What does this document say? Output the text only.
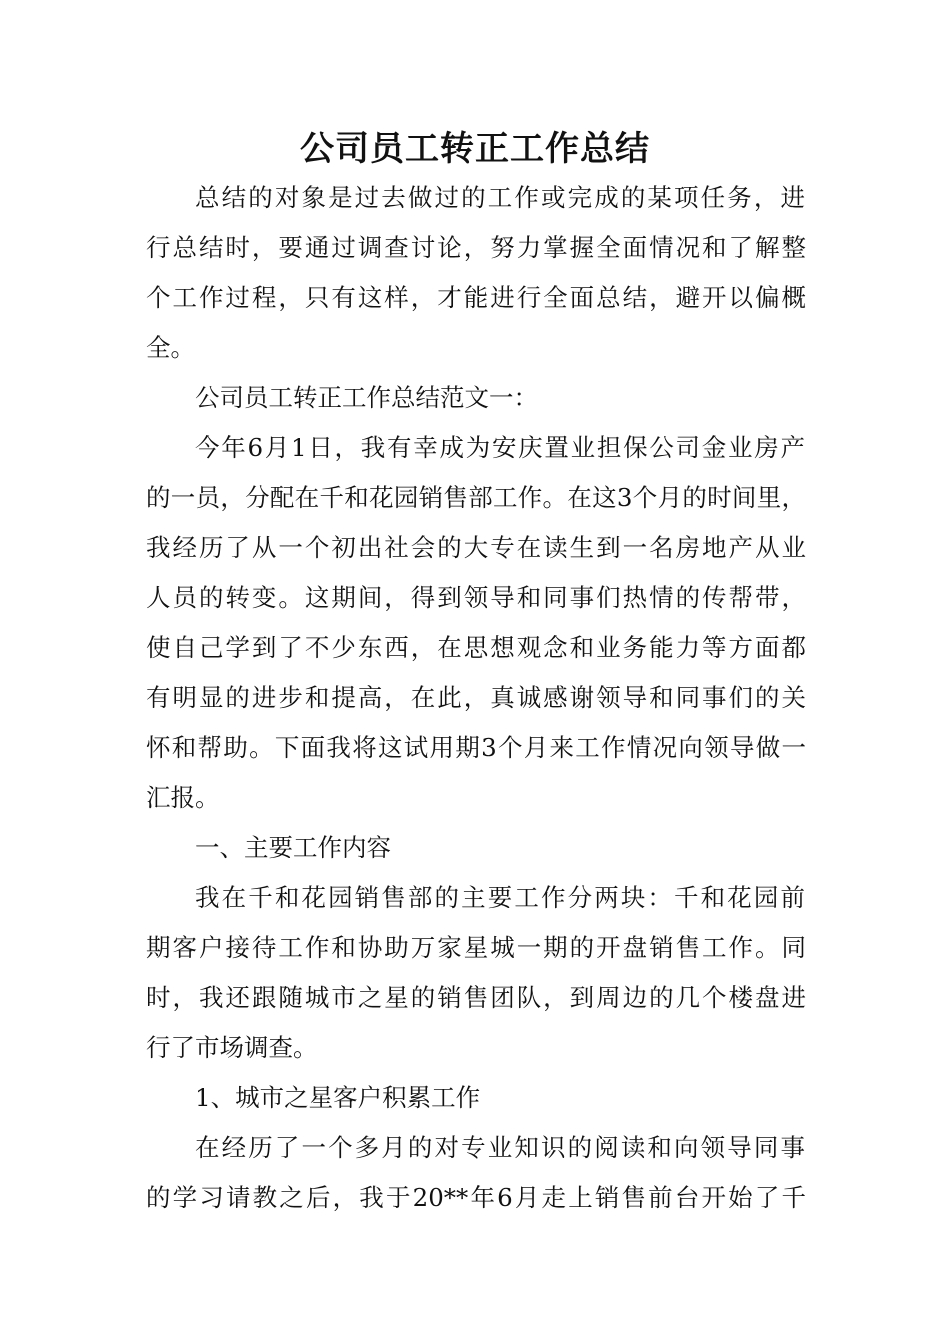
公司员工转正工作总结

总结的对象是过去做过的工作或完成的某项任务，进

行总结时，要通过调查讨论，努力掌握全面情况和了解整

个工作过程，只有这样，才能进行全面总结，避开以偏概

全。

公司员工转正工作总结范文一：

今年6月1日，我有幸成为安庆置业担保公司金业房产

的一员，分配在千和花园销售部工作。在这3个月的时间里，

我经历了从一个初出社会的大专在读生到一名房地产从业

人员的转变。这期间，得到领导和同事们热情的传帮带，

使自己学到了不少东西，在思想观念和业务能力等方面都

有明显的进步和提高，在此，真诚感谢领导和同事们的关

怀和帮助。下面我将这试用期3个月来工作情况向领导做一

汇报。

一、主要工作内容

我在千和花园销售部的主要工作分两块：千和花园前

期客户接待工作和协助万家星城一期的开盘销售工作。同

时，我还跟随城市之星的销售团队，到周边的几个楼盘进

行了市场调查。

1、城市之星客户积累工作

在经历了一个多月的对专业知识的阅读和向领导同事

的学习请教之后，我于20**年6月走上销售前台开始了千
